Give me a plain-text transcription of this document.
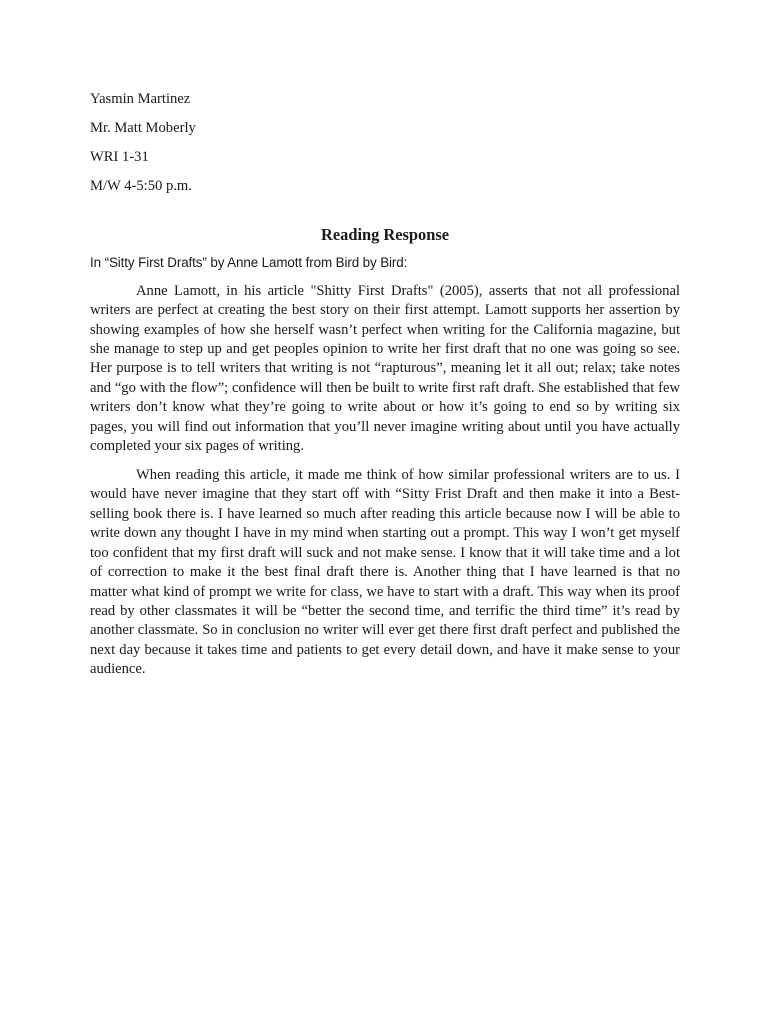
Yasmin Martinez
Mr. Matt Moberly
WRI 1-31
M/W 4-5:50 p.m.
Reading Response
In “Sitty First Drafts” by Anne Lamott from Bird by Bird:

Anne Lamott, in his article "Shitty First Drafts" (2005), asserts that not all professional writers are perfect at creating the best story on their first attempt. Lamott supports her assertion by showing examples of how she herself wasn’t perfect when writing for the California magazine, but she manage to step up and get peoples opinion to write her first draft that no one was going so see. Her purpose is to tell writers that writing is not “rapturous”, meaning let it all out; relax; take notes and “go with the flow”; confidence will then be built to write first raft draft. She established that few writers don’t know what they’re going to write about or how it’s going to end so by writing six pages, you will find out information that you’ll never imagine writing about until you have actually completed your six pages of writing.

When reading this article, it made me think of how similar professional writers are to us. I would have never imagine that they start off with “Sitty Frist Draft and then make it into a Best-selling book there is. I have learned so much after reading this article because now I will be able to write down any thought I have in my mind when starting out a prompt. This way I won’t get myself too confident that my first draft will suck and not make sense. I know that it will take time and a lot of correction to make it the best final draft there is. Another thing that I have learned is that no matter what kind of prompt we write for class, we have to start with a draft. This way when its proof read by other classmates it will be “better the second time, and terrific the third time” it’s read by another classmate. So in conclusion no writer will ever get there first draft perfect and published the next day because it takes time and patients to get every detail down, and have it make sense to your audience.
